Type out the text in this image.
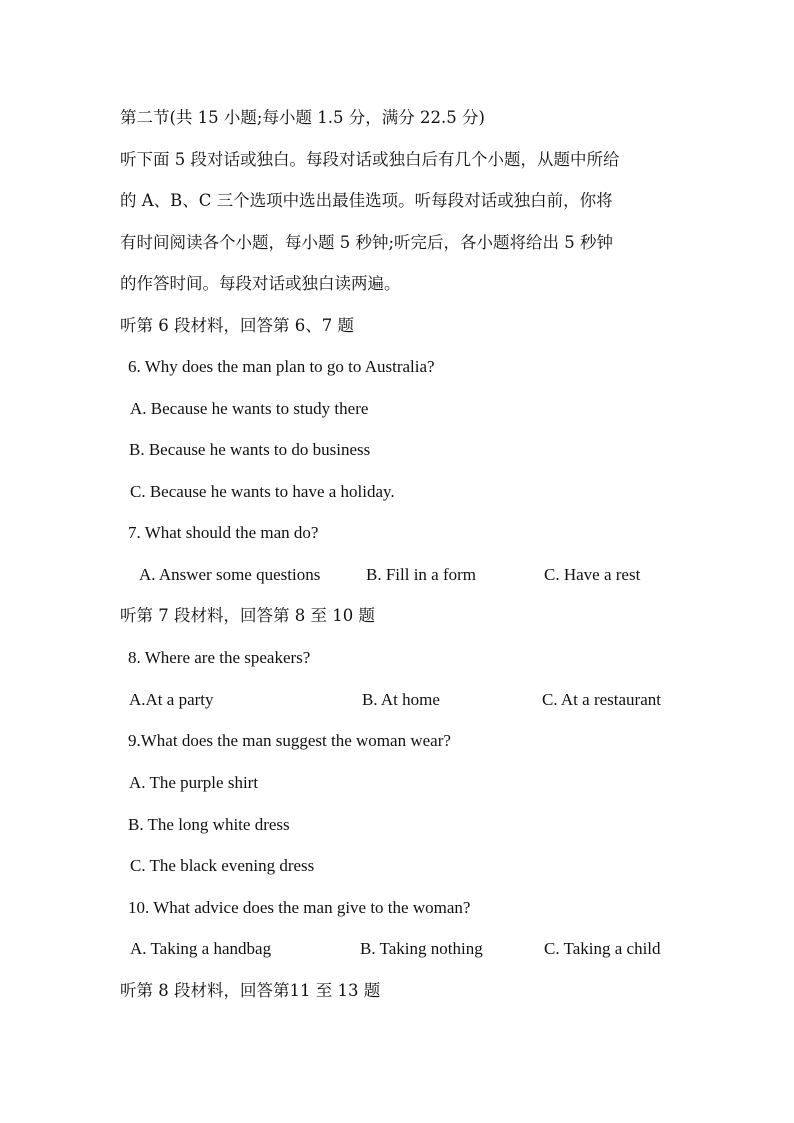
第二节(共 15 小题;每小题 1.5 分，满分 22.5 分)
听下面 5 段对话或独白。每段对话或独白后有几个小题，从题中所给
的 A、B、C 三个选项中选出最佳选项。听每段对话或独白前，你将
有时间阅读各个小题，每小题 5 秒钟;听完后，各小题将给出 5 秒钟
的作答时间。每段对话或独白读两遍。
听第 6 段材料，回答第 6、7 题
6. Why does the man plan to go to Australia?
A. Because he wants to study there
B. Because he wants to do business
C. Because he wants to have a holiday.
7. What should the man do?
A. Answer some questions	B. Fill in a form	C. Have a rest
听第 7 段材料，回答第 8 至 10 题
8. Where are the speakers?
A.At a party	B. At home	C. At a restaurant
9.What does the man suggest the woman wear?
A. The purple shirt
B. The long white dress
C. The black evening dress
10. What advice does the man give to the woman?
A. Taking a handbag	B. Taking nothing	C. Taking a child
听第 8 段材料，回答第11 至 13 题
